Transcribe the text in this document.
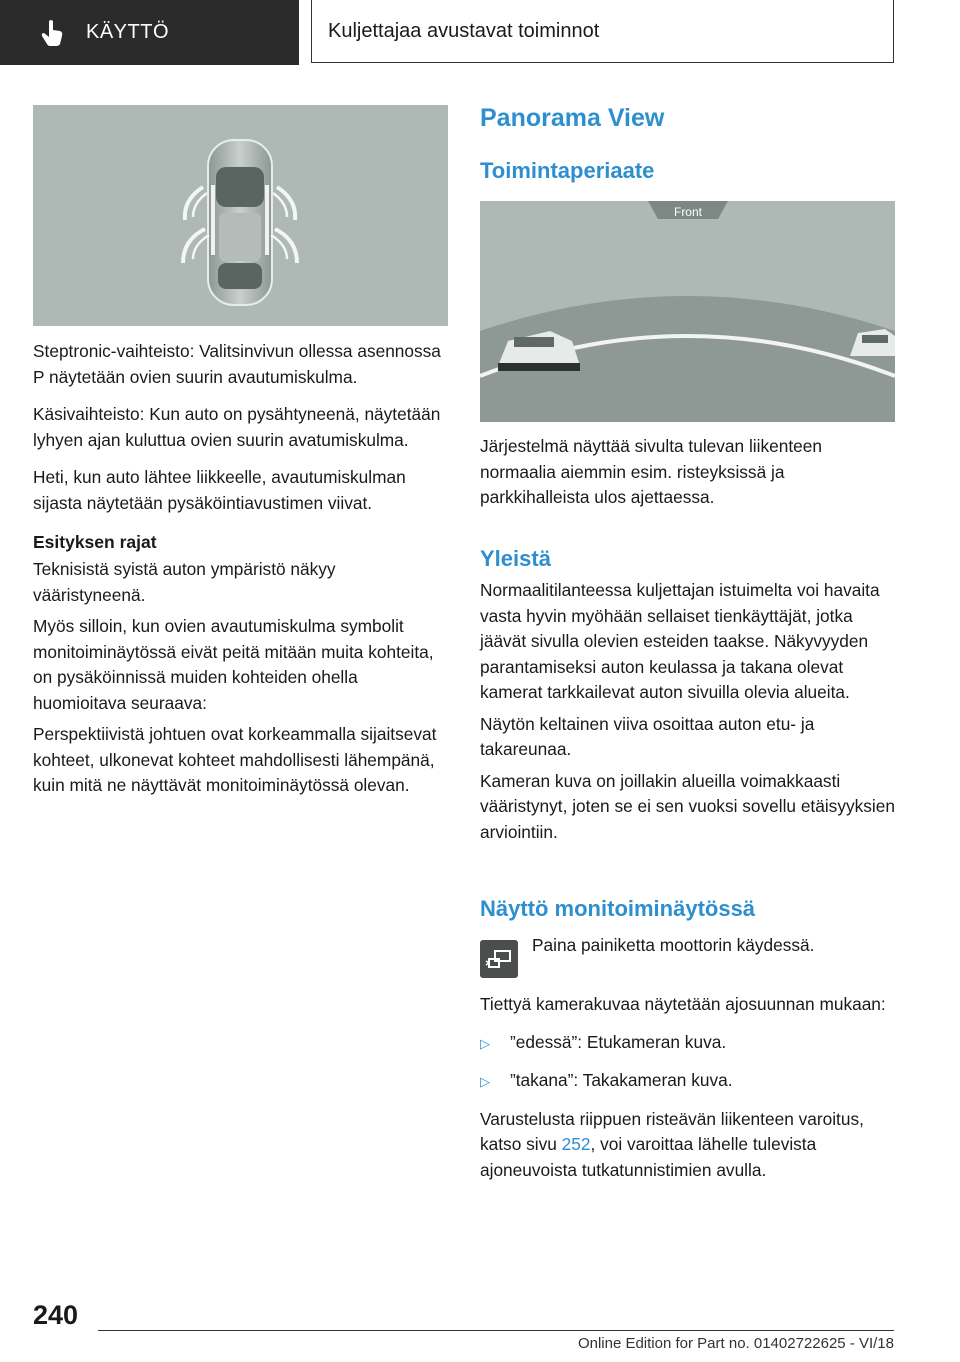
KÄYTTÖ	Kuljettajaa avustavat toiminnot

Steptronic-vaihteisto: Valitsinvivun ollessa asennossa P näytetään ovien suurin avautumiskulma.

Käsivaihteisto: Kun auto on pysähtyneenä, näytetään lyhyen ajan kuluttua ovien suurin avatumiskulma.

Heti, kun auto lähtee liikkeelle, avautumiskulman sijasta näytetään pysäköintiavustimen viivat.

Esityksen rajat

Teknisistä syistä auton ympäristö näkyy vääristyneenä.

Myös silloin, kun ovien avautumiskulma symbolit monitoiminäytössä eivät peitä mitään muita kohteita, on pysäköinnissä muiden kohteiden ohella huomioitava seuraava:

Perspektiivistä johtuen ovat korkeammalla sijaitsevat kohteet, ulkonevat kohteet mahdollisesti lähempänä, kuin mitä ne näyttävät monitoiminäytössä olevan.

Panorama View
Toimintaperiaate
Front

Järjestelmä näyttää sivulta tulevan liikenteen normaalia aiemmin esim. risteyksissä ja parkkihalleista ulos ajettaessa.

Yleistä

Normaalitilanteessa kuljettajan istuimelta voi havaita vasta hyvin myöhään sellaiset tienkäyttäjät, jotka jäävät sivulla olevien esteiden taakse. Näkyvyyden parantamiseksi auton keulassa ja takana olevat kamerat tarkkailevat auton sivuilla olevia alueita.

Näytön keltainen viiva osoittaa auton etu- ja takareunaa.

Kameran kuva on joillakin alueilla voimakkaasti vääristynyt, joten se ei sen vuoksi sovellu etäisyyksien arviointiin.

Näyttö monitoiminäytössä
Paina painiketta moottorin käydessä.

Tiettyä kamerakuvaa näytetään ajosuunnan mukaan:

▷	”edessä”: Etukameran kuva.
▷	”takana”: Takakameran kuva.

Varustelusta riippuen risteävän liikenteen varoitus, katso sivu 252, voi varoittaa lähelle tulevista ajoneuvoista tutkatunnistimien avulla.

240
Online Edition for Part no. 01402722625 - VI/18
